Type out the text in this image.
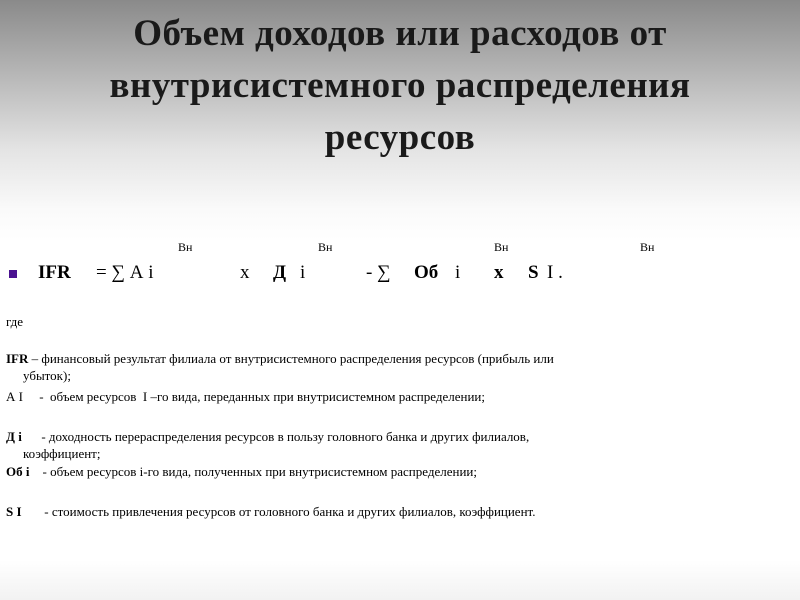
Объем доходов или расходов от
внутрисистемного распределения
ресурсов
Вн	Вн	Вн	Вн
IFR = ∑ А i	х Д i	- ∑ Об i х S I .
где
IFR – финансовый результат филиала от внутрисистемного распределения ресурсов (прибыль или
убыток);
А I     -  объем ресурсов  I –го вида, переданных при внутрисистемном распределении;
Д i      - доходность перераспределения ресурсов в пользу головного банка и других филиалов,
коэффициент;
Об i    - объем ресурсов i-го вида, полученных при внутрисистемном распределении;
S I       - стоимость привлечения ресурсов от головного банка и других филиалов, коэффициент.
